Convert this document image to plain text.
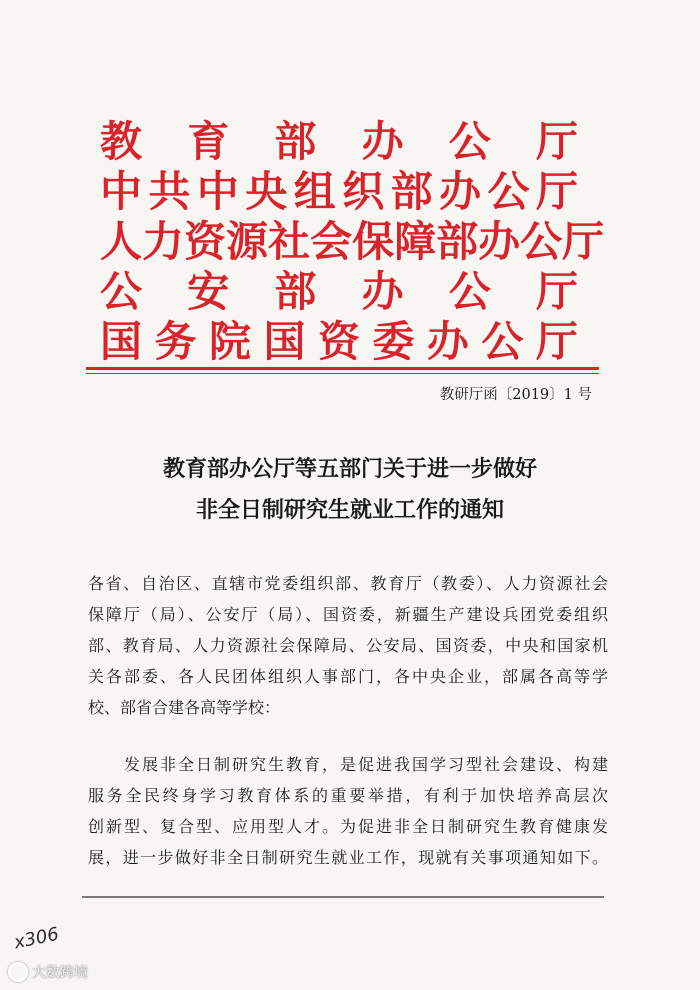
教 育 部 办 公 厅
中 共 中 央 组 织 部 办 公 厅
人 力 资 源 社 会 保 障 部 办 公 厅
公 安 部 办 公 厅
国 务 院 国 资 委 办 公 厅
教研厅函〔2019〕1 号
教育部办公厅等五部门关于进一步做好
非全日制研究生就业工作的通知
各省、自治区、直辖市党委组织部、教育厅（教委）、人力资源社会
保障厅（局）、公安厅（局）、国资委，新疆生产建设兵团党委组织
部、教育局、人力资源社会保障局、公安局、国资委，中央和国家机
关各部委、各人民团体组织人事部门，各中央企业，部属各高等学
校、部省合建各高等学校：
　　发展非全日制研究生教育，是促进我国学习型社会建设、构建
服务全民终身学习教育体系的重要举措，有利于加快培养高层次
创新型、复合型、应用型人才。为促进非全日制研究生教育健康发
展，进一步做好非全日制研究生就业工作，现就有关事项通知如下。
x306
大数跨境
